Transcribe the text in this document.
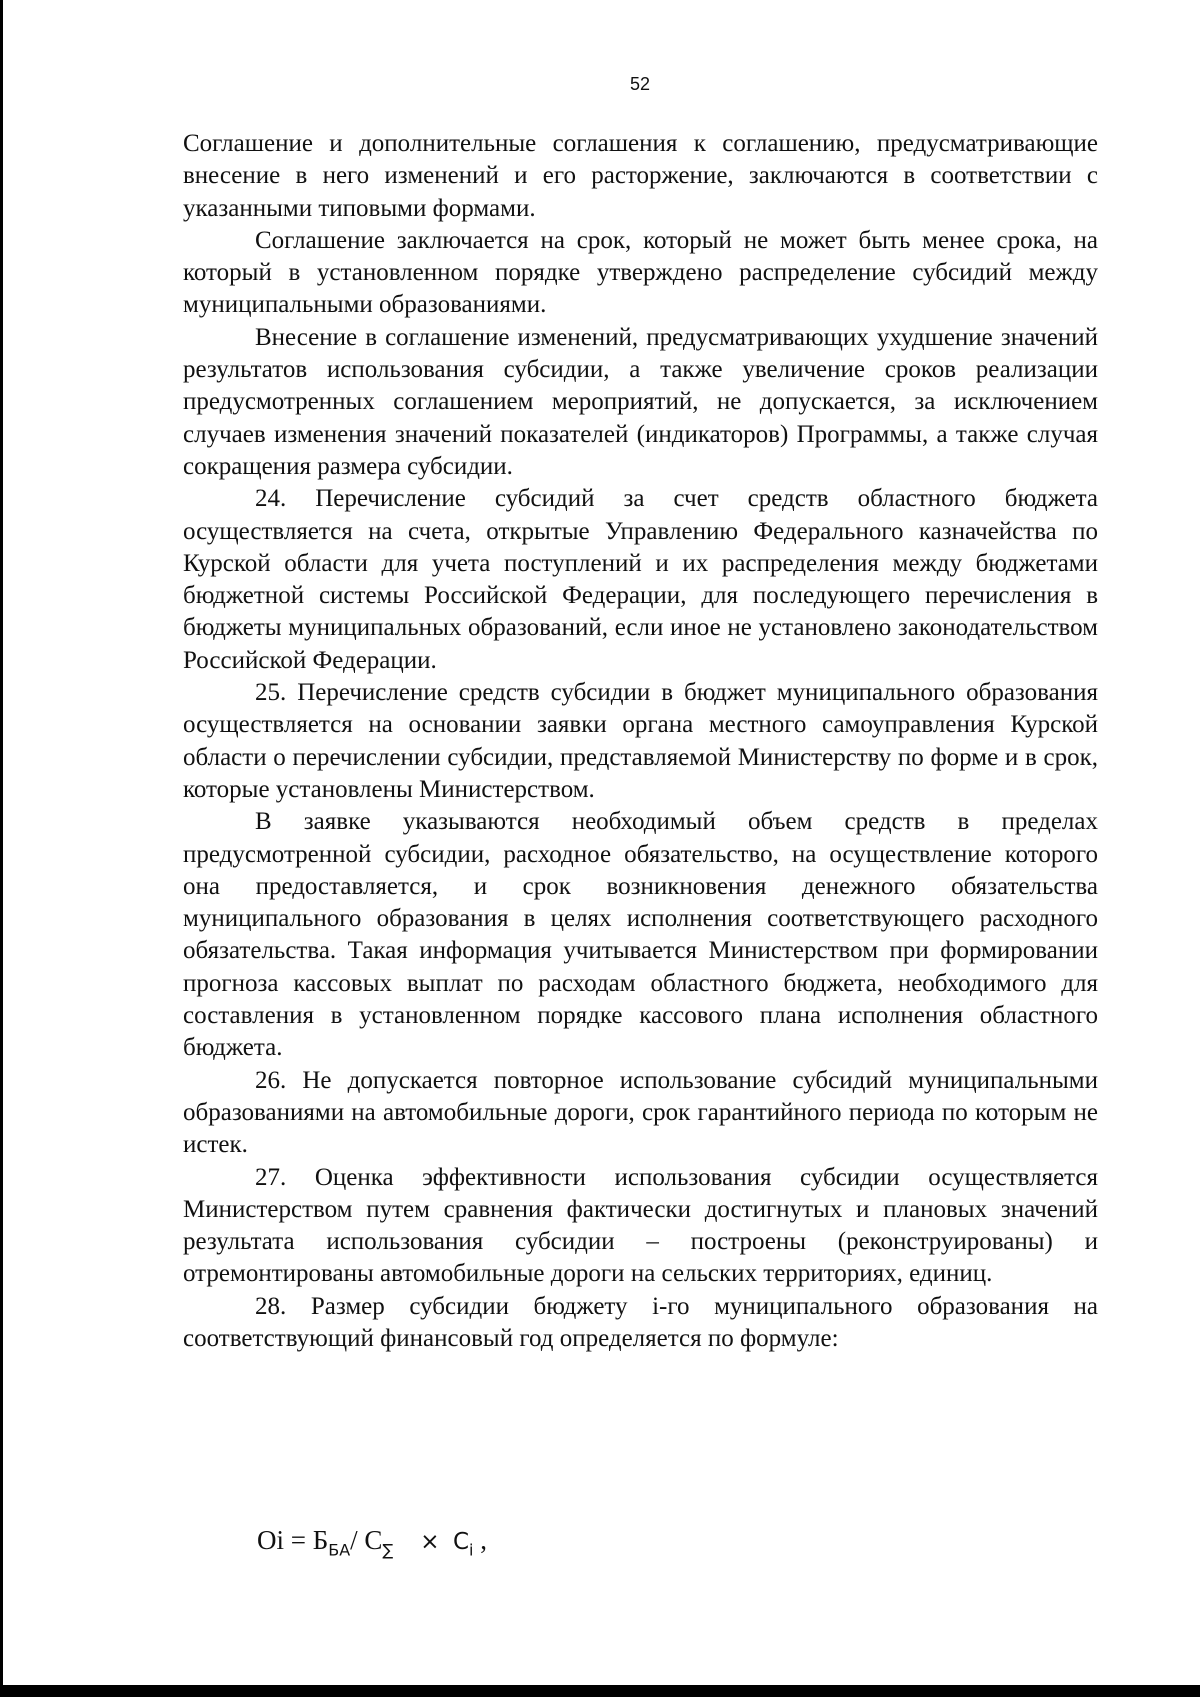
52

Соглашение и дополнительные соглашения к соглашению, предусматривающие внесение в него изменений и его расторжение, заключаются в соответствии с указанными типовыми формами.

Соглашение заключается на срок, который не может быть менее срока, на который в установленном порядке утверждено распределение субсидий между муниципальными образованиями.

Внесение в соглашение изменений, предусматривающих ухудшение значений результатов использования субсидии, а также увеличение сроков реализации предусмотренных соглашением мероприятий, не допускается, за исключением случаев изменения значений показателей (индикаторов) Программы, а также случая сокращения размера субсидии.

24. Перечисление субсидий за счет средств областного бюджета осуществляется на счета, открытые Управлению Федерального казначейства по Курской области для учета поступлений и их распределения между бюджетами бюджетной системы Российской Федерации, для последующего перечисления в бюджеты муниципальных образований, если иное не установлено законодательством Российской Федерации.

25. Перечисление средств субсидии в бюджет муниципального образования осуществляется на основании заявки органа местного самоуправления Курской области о перечислении субсидии, представляемой Министерству по форме и в срок, которые установлены Министерством.

В заявке указываются необходимый объем средств в пределах предусмотренной субсидии, расходное обязательство, на осуществление которого она предоставляется, и срок возникновения денежного обязательства муниципального образования в целях исполнения соответствующего расходного обязательства. Такая информация учитывается Министерством при формировании прогноза кассовых выплат по расходам областного бюджета, необходимого для составления в установленном порядке кассового плана исполнения областного бюджета.

26. Не допускается повторное использование субсидий муниципальными образованиями на автомобильные дороги, срок гарантийного периода по которым не истек.

27. Оценка эффективности использования субсидии осуществляется Министерством путем сравнения фактически достигнутых и плановых значений результата использования субсидии – построены (реконструированы) и отремонтированы автомобильные дороги на сельских территориях, единиц.

28. Размер субсидии бюджету i-го муниципального образования на соответствующий финансовый год определяется по формуле:

$Oi = Б_{БА}/$ $C_\sum \times C_i$ ,
